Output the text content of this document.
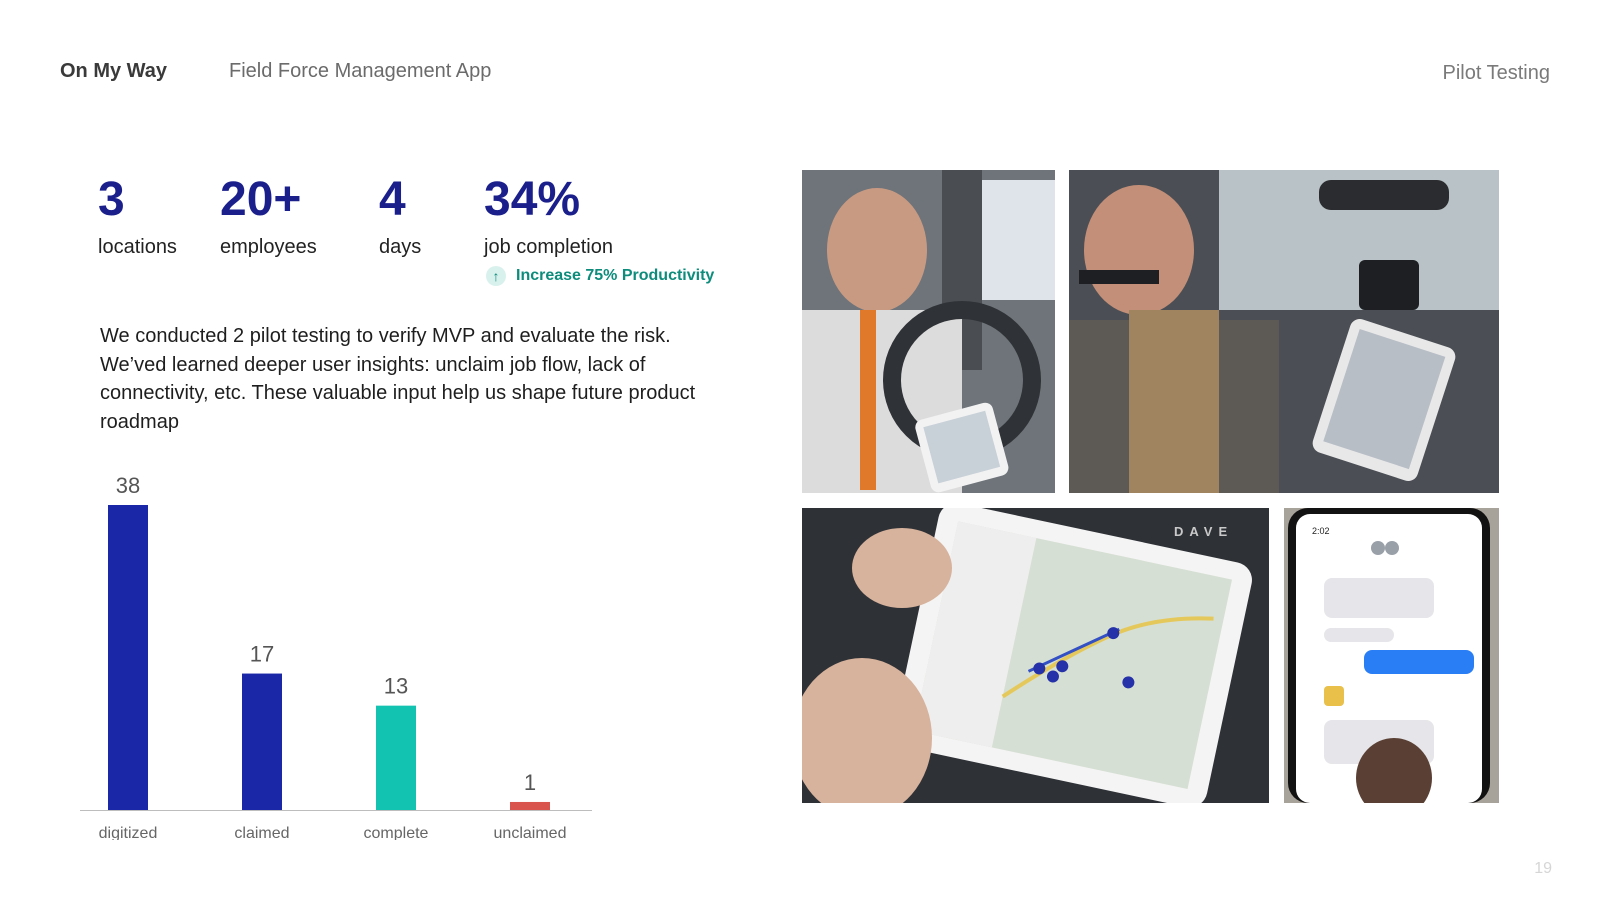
On My Way	Field Force Management App	Pilot Testing
3
locations
20+
employees
4
days
34%
job completion
↑	Increase 75% Productivity
We conducted 2 pilot testing to verify MVP and evaluate the risk. We’ved learned deeper user insights: unclaim job flow, lack of connectivity, etc. These valuable input help us shape future product roadmap
38
digitized
17
claimed
13
complete
1
unclaimed
DAVE	2:02
19
